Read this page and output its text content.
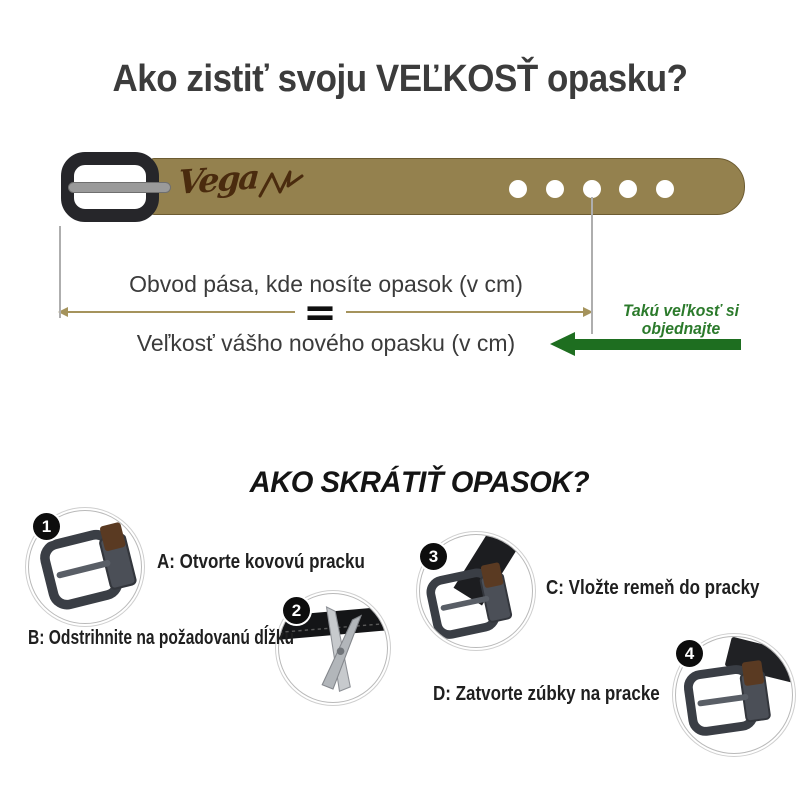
Ako zistiť svoju VEĽKOSŤ opasku?
Vega
Obvod pása, kde nosíte opasok (v cm)
=
Veľkosť vášho nového opasku (v cm)
Takú veľkosť si
objednajte
AKO SKRÁTIŤ OPASOK?
1
A: Otvorte kovovú pracku
2
B: Odstrihnite na požadovanú dĺžku
3
C: Vložte remeň do pracky
4
D: Zatvorte zúbky na pracke
